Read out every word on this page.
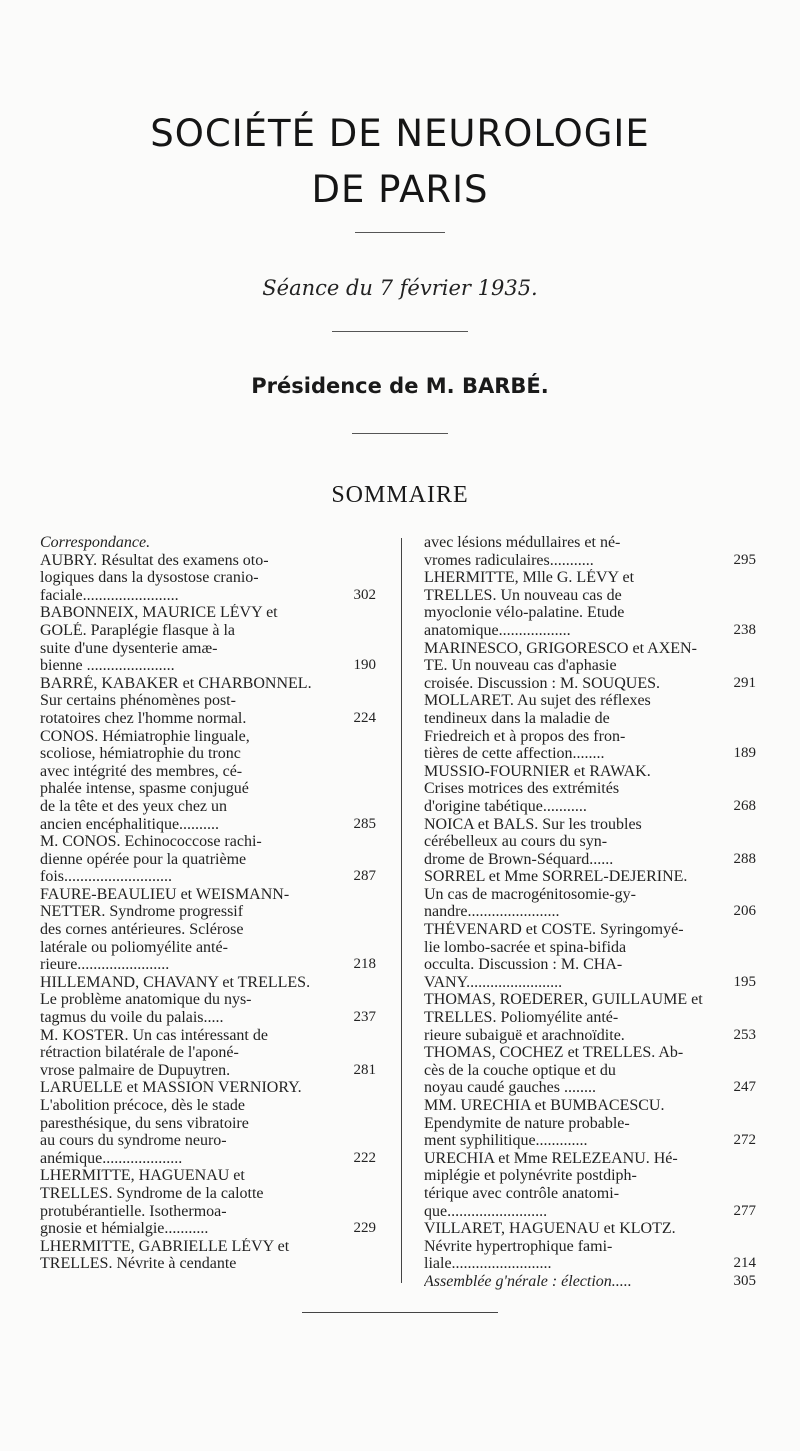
SOCIÉTÉ DE NEUROLOGIE
DE PARIS
Séance du 7 février 1935.
Présidence de M. BARBÉ.
SOMMAIRE
Correspondance.
AUBRY. Résultat des examens oto-
logiques dans la dysostose cranio-
faciale........................	302
BABONNEIX, MAURICE LÉVY et
GOLÉ. Paraplégie flasque à la
suite d'une dysenterie amæ-
bienne ......................	190
BARRÉ, KABAKER et CHARBONNEL.
Sur certains phénomènes post-
rotatoires chez l'homme normal.	224
CONOS. Hémiatrophie linguale,
scoliose, hémiatrophie du tronc
avec intégrité des membres, cé-
phalée intense, spasme conjugué
de la tête et des yeux chez un
ancien encéphalitique..........	285
M. CONOS. Echinococcose rachi-
dienne opérée pour la quatrième
fois...........................	287
FAURE-BEAULIEU et WEISMANN-
NETTER. Syndrome progressif
des cornes antérieures. Sclérose
latérale ou poliomyélite anté-
rieure.......................	218
HILLEMAND, CHAVANY et TRELLES.
Le problème anatomique du nys-
tagmus du voile du palais.....	237
M. KOSTER. Un cas intéressant de
rétraction bilatérale de l'aponé-
vrose palmaire de Dupuytren.	281
LARUELLE et MASSION VERNIORY.
L'abolition précoce, dès le stade
paresthésique, du sens vibratoire
au cours du syndrome neuro-
anémique....................	222
LHERMITTE, HAGUENAU et
TRELLES. Syndrome de la calotte
protubérantielle. Isothermoa-
gnosie et hémialgie...........	229
LHERMITTE, GABRIELLE LÉVY et
TRELLES. Névrite à cendante
avec lésions médullaires et né-
vromes radiculaires...........	295
LHERMITTE, Mlle G. LÉVY et
TRELLES. Un nouveau cas de
myoclonie vélo-palatine. Etude
anatomique..................	238
MARINESCO, GRIGORESCO et AXEN-
TE. Un nouveau cas d'aphasie
croisée. Discussion : M. SOUQUES.	291
MOLLARET. Au sujet des réflexes
tendineux dans la maladie de
Friedreich et à propos des fron-
tières de cette affection........	189
MUSSIO-FOURNIER et RAWAK.
Crises motrices des extrémités
d'origine tabétique...........	268
NOICA et BALS. Sur les troubles
cérébelleux au cours du syn-
drome de Brown-Séquard......	288
SORREL et Mme SORREL-DEJERINE.
Un cas de macrogénitosomie-gy-
nandre.......................	206
THÉVENARD et COSTE. Syringomyé-
lie lombo-sacrée et spina-bifida
occulta. Discussion : M. CHA-
VANY........................	195
THOMAS, ROEDERER, GUILLAUME et
TRELLES. Poliomyélite anté-
rieure subaiguë et arachnoïdite.	253
THOMAS, COCHEZ et TRELLES. Ab-
cès de la couche optique et du
noyau caudé gauches ........	247
MM. URECHIA et BUMBACESCU.
Ependymite de nature probable-
ment syphilitique.............	272
URECHIA et Mme RELEZEANU. Hé-
miplégie et polynévrite postdiph-
térique avec contrôle anatomi-
que.........................	277
VILLARET, HAGUENAU et KLOTZ.
Névrite hypertrophique fami-
liale.........................	214
Assemblée g'nérale : élection.....	305
